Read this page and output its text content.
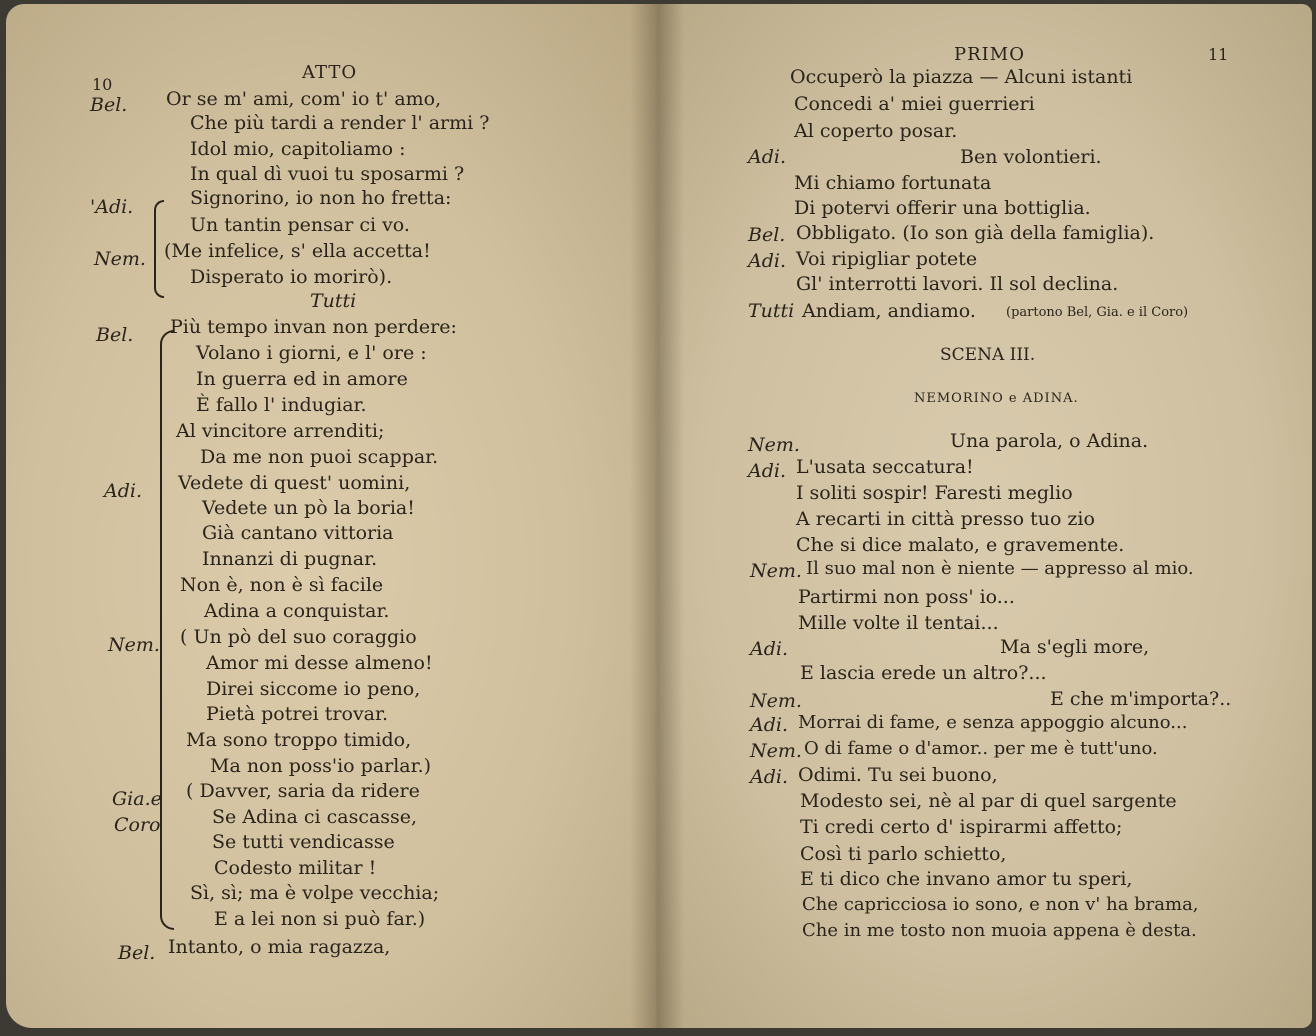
10
ATTO
Bel. Or se m' ami, com' io t' amo,
Che più tardi a render l' armi ?
Idol mio, capitoliamo :
In qual dì vuoi tu sposarmi ?
'Adi.	Signorino, io non ho fretta:
Un tantin pensar ci vo.
Nem. (Me infelice, s' ella accetta!
Disperato io morirò).
Tutti
Bel. Più tempo invan non perdere:
Volano i giorni, e l' ore :
In guerra ed in amore
È fallo l' indugiar.
Al vincitore arrenditi;
Da me non puoi scappar.
Adi. Vedete di quest' uomini,
Vedete un pò la boria!
Già cantano vittoria
Innanzi di pugnar.
Non è, non è sì facile
Adina a conquistar.
Nem. ( Un pò del suo coraggio
Amor mi desse almeno!
Direi siccome io peno,
Pietà potrei trovar.
Ma sono troppo timido,
Ma non poss'io parlar.)
Gia.e ( Davver, saria da ridere
Coro	Se Adina ci cascasse,
Se tutti vendicasse
Codesto militar !
Sì, sì; ma è volpe vecchia;
E a lei non si può far.)
Bel. Intanto, o mia ragazza,
PRIMO	11
Occuperò la piazza — Alcuni istanti
Concedi a' miei guerrieri
Al coperto posar.
Adi.	Ben volontieri.
Mi chiamo fortunata
Di potervi offerir una bottiglia.
Bel. Obbligato. (Io son già della famiglia).
Adi. Voi ripigliar potete
Gl' interrotti lavori. Il sol declina.
Tutti Andiam, andiamo. (partono Bel, Gia. e il Coro)
SCENA III.
NEMORINO e ADINA.
Nem.	Una parola, o Adina.
Adi. L'usata seccatura!
I soliti sospir! Faresti meglio
A recarti in città presso tuo zio
Che si dice malato, e gravemente.
Nem. Il suo mal non è niente — appresso al mio.
Partirmi non poss' io...
Mille volte il tentai...
Adi.	Ma s'egli more,
E lascia erede un altro?...
Nem.	E che m'importa?..
Adi. Morrai di fame, e senza appoggio alcuno...
Nem. O di fame o d'amor.. per me è tutt'uno.
Adi. Odimi. Tu sei buono,
Modesto sei, nè al par di quel sargente
Ti credi certo d' ispirarmi affetto;
Così ti parlo schietto,
E ti dico che invano amor tu speri,
Che capricciosa io sono, e non v' ha brama,
Che in me tosto non muoia appena è desta.
